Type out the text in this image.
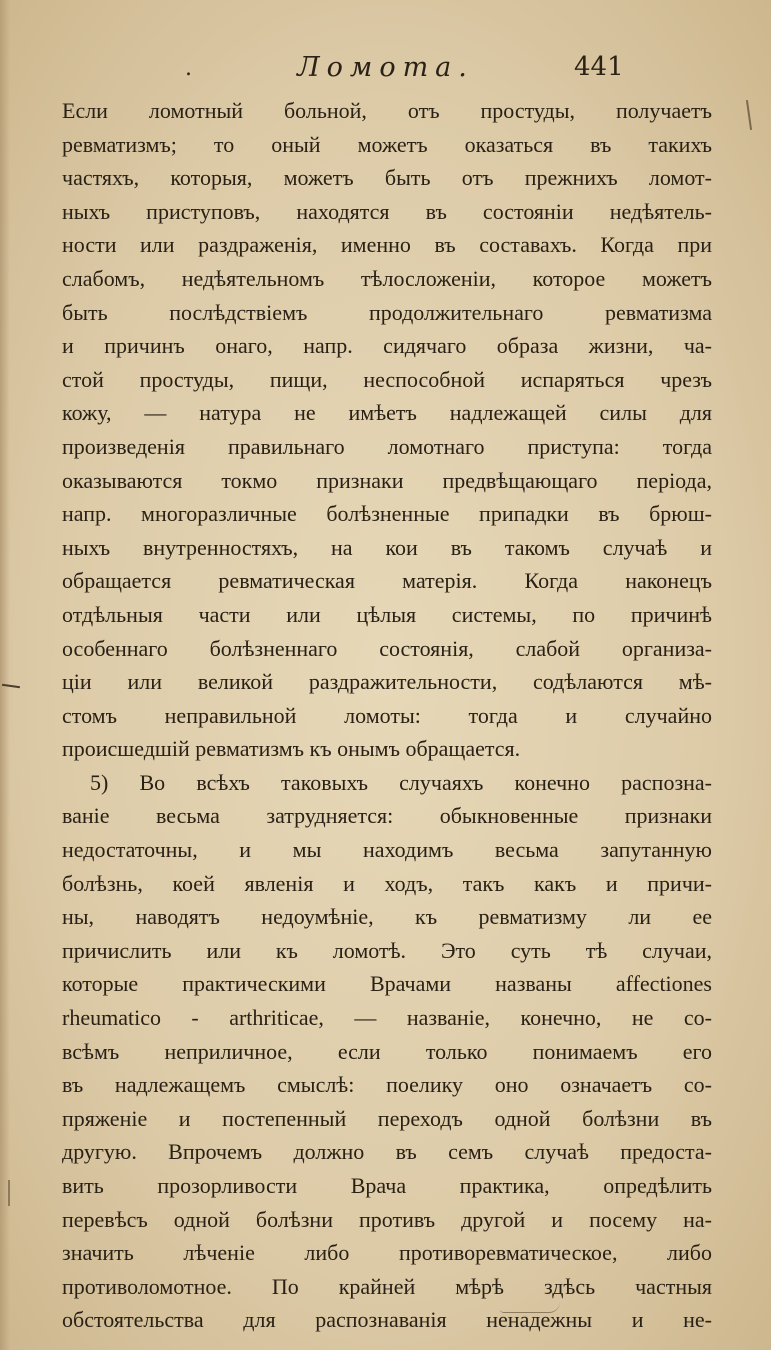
.	Ломота.	441
Если ломотный больной, отъ простуды, получаетъ
ревматизмъ; то оный можетъ оказаться въ такихъ
частяхъ, которыя, можетъ быть отъ прежнихъ ломот-
ныхъ приступовъ, находятся въ состояніи недѣятель-
ности или раздраженія, именно въ составахъ. Когда при
слабомъ, недѣятельномъ тѣлосложеніи, которое можетъ
быть послѣдствіемъ продолжительнаго ревматизма
и причинъ онаго, напр. сидячаго образа жизни, ча-
стой простуды, пищи, неспособной испаряться чрезъ
кожу, — натура не имѣетъ надлежащей силы для
произведенія правильнаго ломотнаго приступа: тогда
оказываются токмо признаки предвѣщающаго періода,
напр. многоразличные болѣзненные припадки въ брюш-
ныхъ внутренностяхъ, на кои въ такомъ случаѣ и
обращается ревматическая матерія. Когда наконецъ
отдѣльныя части или цѣлыя системы, по причинѣ
особеннаго болѣзненнаго состоянія, слабой организа-
ціи или великой раздражительности, содѣлаются мѣ-
стомъ неправильной ломоты: тогда и случайно
происшедшій ревматизмъ къ онымъ обращается.
5) Во всѣхъ таковыхъ случаяхъ конечно распозна-
ваніе весьма затрудняется: обыкновенные признаки
недостаточны, и мы находимъ весьма запутанную
болѣзнь, коей явленія и ходъ, такъ какъ и причи-
ны, наводятъ недоумѣніе, къ ревматизму ли ее
причислить или къ ломотѣ. Это суть тѣ случаи,
которые практическими Врачами названы affectiones
rheumatico - arthriticae, — названіе, конечно, не со-
всѣмъ неприличное, если только понимаемъ его
въ надлежащемъ смыслѣ: поелику оно означаетъ со-
пряженіе и постепенный переходъ одной болѣзни въ
другую. Впрочемъ должно въ семъ случаѣ предоста-
вить прозорливости Врача практика, опредѣлить
перевѣсъ одной болѣзни противъ другой и посему на-
значить лѣченіе либо противоревматическое, либо
противоломотное. По крайней мѣрѣ здѣсь частныя
обстоятельства для распознаванія ненадежны и не-
